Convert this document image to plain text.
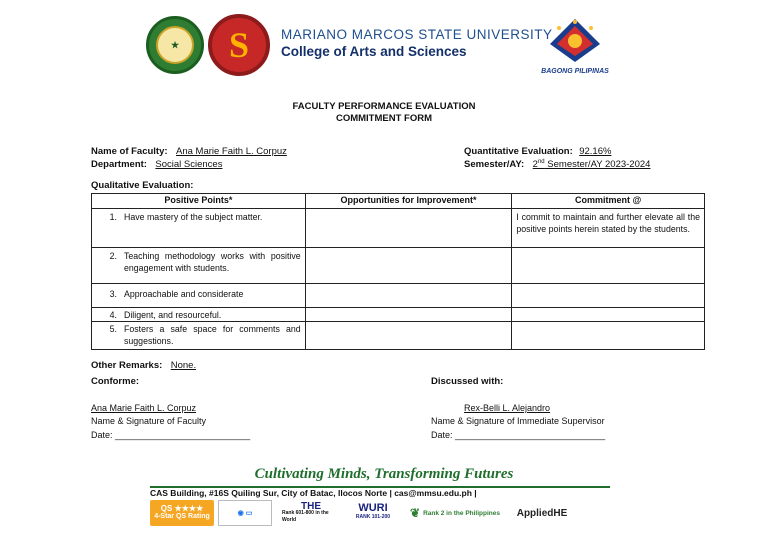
★	S MARIANO MARCOS STATE UNIVERSITY
College of Arts and Sciences
BAGONG PILIPINAS
FACULTY PERFORMANCE EVALUATION
COMMITMENT FORM
Name of Faculty: Ana Marie Faith L. Corpuz
Department: Social Sciences
Quantitative Evaluation: 92.16%
Semester/AY: 2nd Semester/AY 2023-2024
Qualitative Evaluation:
Positive Points*	Opportunities for Improvement*	Commitment @

1. Have mastery of the subject matter.		I commit to maintain and further elevate all the positive points herein stated by the students.

2. Teaching methodology works with positive engagement with students.		

3. Approachable and considerate		

4. Diligent, and resourceful.		

5. Fosters a safe space for comments and suggestions.		

Other Remarks: None.
Conforme:
Ana Marie Faith L. Corpuz
Name & Signature of Faculty
Date: ___________________________
Discussed with:
Rex-Belli L. Alejandro
Name & Signature of Immediate Supervisor
Date: ______________________________
Cultivating Minds, Transforming Futures
CAS Building, #16S Quiling Sur, City of Batac, Ilocos Norte | cas@mmsu.edu.ph |
QS ★★★★
4-Star QS Rating	◉ ▭
THE
Rank 601-800 in the World
WURI
RANK 101-200 ❦ Rank 2 in the Philippines	AppliedHE
